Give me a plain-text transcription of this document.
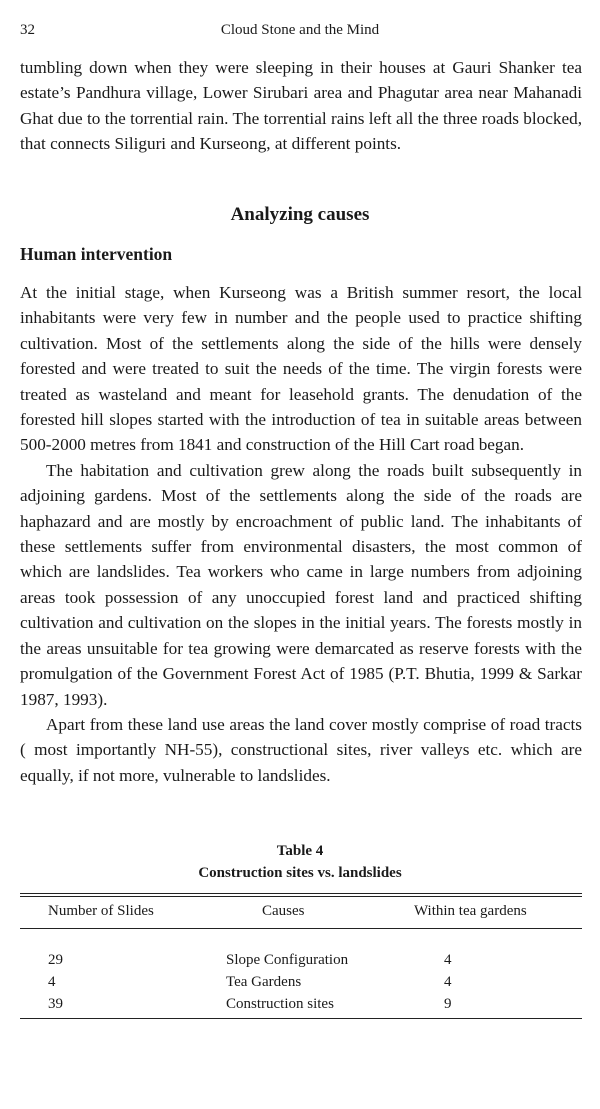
32	Cloud Stone and the Mind

tumbling down when they were sleeping in their houses at Gauri Shanker tea estate’s Pandhura village, Lower Sirubari area and Phagutar area near Mahanadi Ghat due to the torrential rain. The torrential rains left all the three roads blocked, that connects Siliguri and Kurseong, at different points.

Analyzing causes
Human intervention

At the initial stage, when Kurseong was a British summer resort, the local inhabitants were very few in number and the people used to practice shifting cultivation. Most of the settlements along the side of the hills were densely forested and were treated to suit the needs of the time. The virgin forests were treated as wasteland and meant for leasehold grants. The denudation of the forested hill slopes started with the introduction of tea in suitable areas between 500-2000 metres from 1841 and construction of the Hill Cart road began.

The habitation and cultivation grew along the roads built subsequently in adjoining gardens. Most of the settlements along the side of the roads are haphazard and are mostly by encroachment of public land. The inhabitants of these settlements suffer from environmental disasters, the most common of which are landslides. Tea workers who came in large numbers from adjoining areas took possession of any unoccupied forest land and practiced shifting cultivation and cultivation on the slopes in the initial years. The forests mostly in the areas unsuitable for tea growing were demarcated as reserve forests with the promulgation of the Government Forest Act of 1985 (P.T. Bhutia, 1999 & Sarkar 1987, 1993).

Apart from these land use areas the land cover mostly comprise of road tracts ( most importantly NH-55), constructional sites, river valleys etc. which are equally, if not more, vulnerable to landslides.

Table 4
Construction sites vs. landslides
Number of Slides	Causes	Within tea gardens
29	Slope Configuration	4
4	Tea Gardens	4
39	Construction sites	9
